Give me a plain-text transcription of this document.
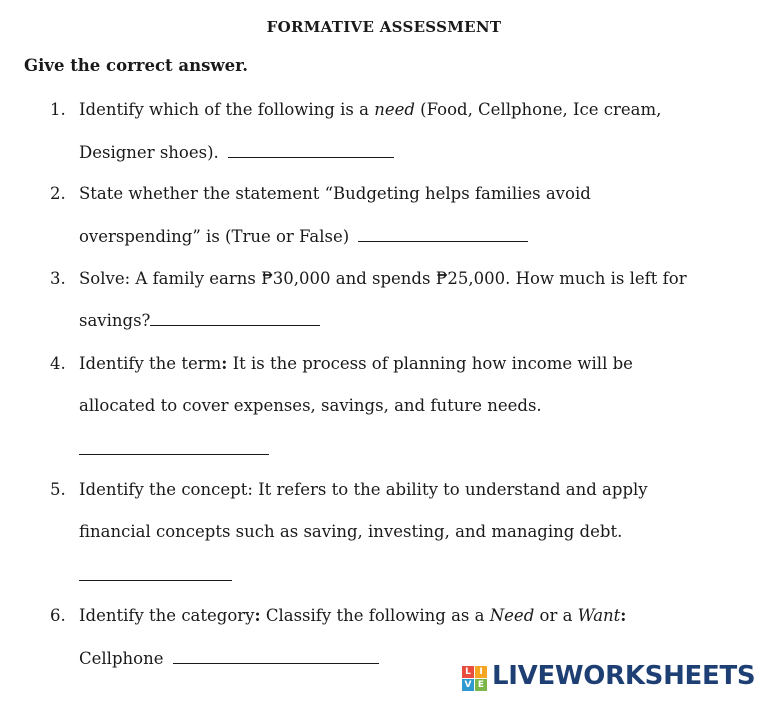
FORMATIVE ASSESSMENT
Give the correct answer.
1. Identify which of the following is a need (Food, Cellphone, Ice cream,
Designer shoes).
2. State whether the statement “Budgeting helps families avoid
overspending” is (True or False)
3. Solve: A family earns ₱30,000 and spends ₱25,000. How much is left for
savings?
4. Identify the term: It is the process of planning how income will be
allocated to cover expenses, savings, and future needs.
5. Identify the concept: It refers to the ability to understand and apply
financial concepts such as saving, investing, and managing debt.
6. Identify the category: Classify the following as a Need or a Want:
Cellphone
L I
V E LIVEWORKSHEETS
